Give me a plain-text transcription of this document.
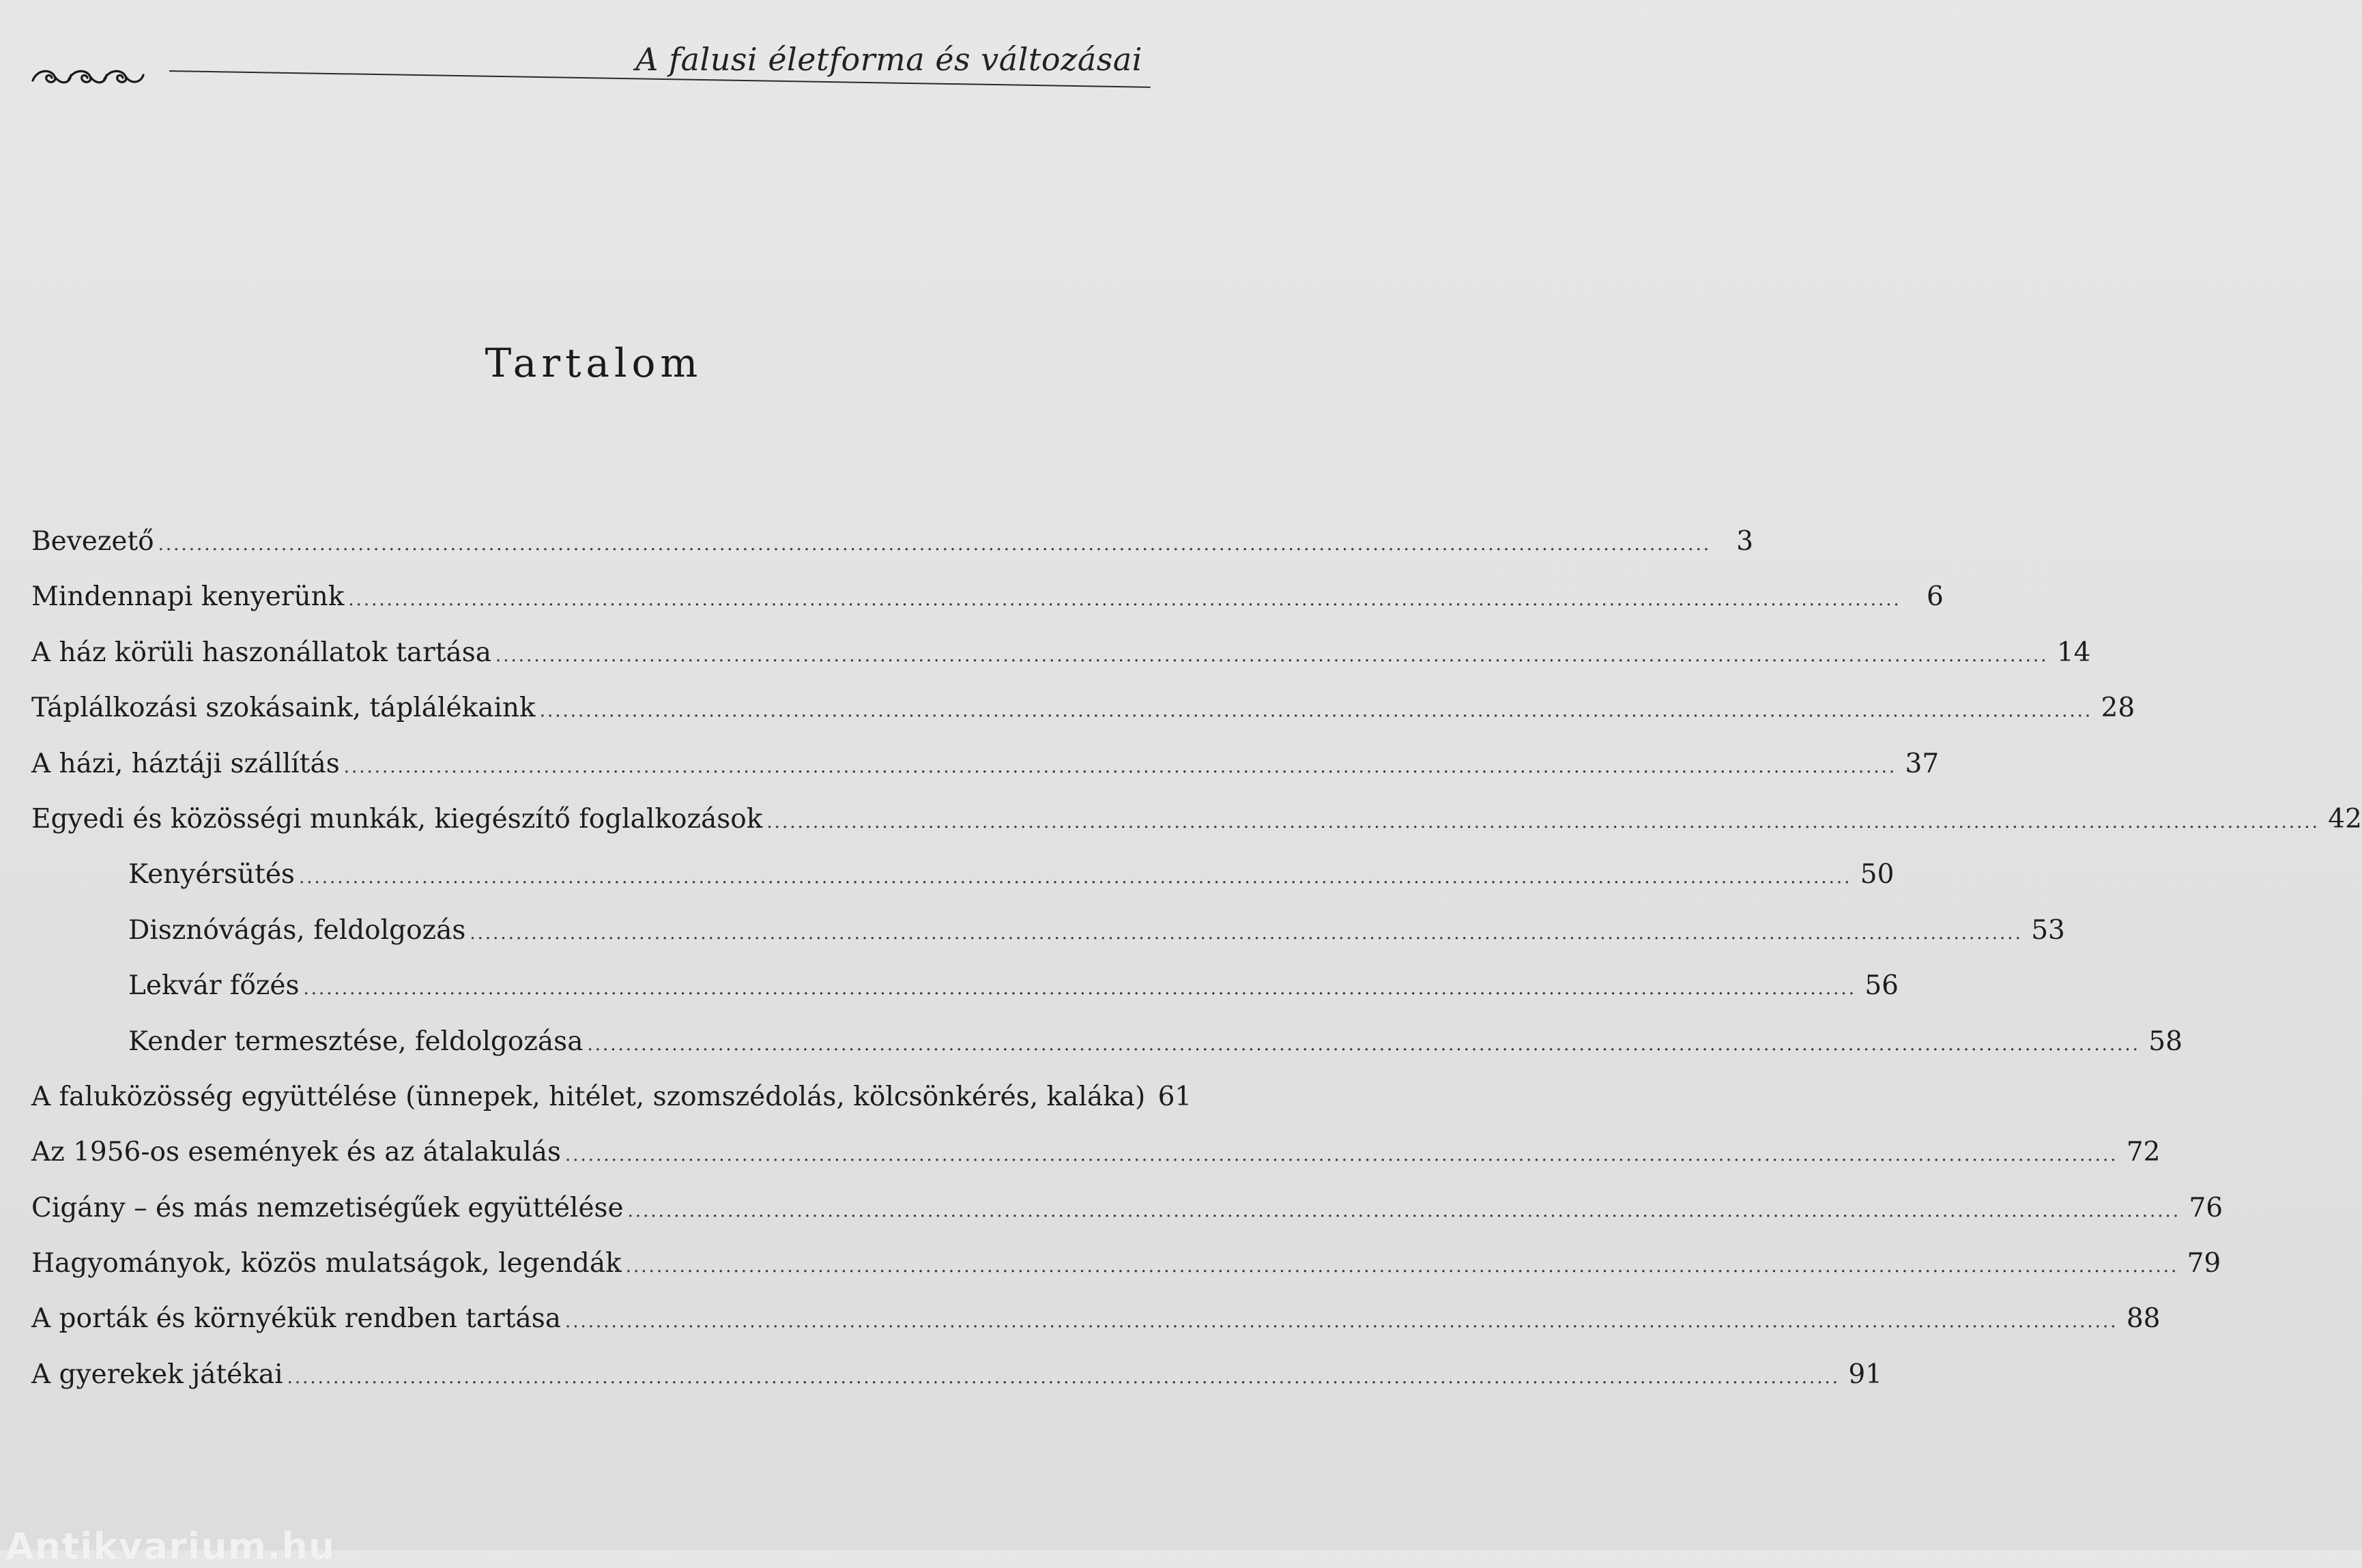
A falusi életforma és változásai
Tartalom
Bevezető .....	3
Mindennapi kenyerünk .....	6
A ház körüli haszonállatok tartása .....	14
Táplálkozási szokásaink, táplálékaink .....	28
A házi, háztáji szállítás .....	37
Egyedi és közösségi munkák, kiegészítő foglalkozások .....	42
Kenyérsütés .....	50
Disznóvágás, feldolgozás .....	53
Lekvár főzés .....	56
Kender termesztése, feldolgozása .....	58
A faluközösség együttélése (ünnepek, hitélet, szomszédolás, kölcsönkérés, kaláka) 61
Az 1956-os események és az átalakulás .....	72
Cigány – és más nemzetiségűek együttélése .....	76
Hagyományok, közös mulatságok, legendák .....	79
A porták és környékük rendben tartása .....	88
A gyerekek játékai .....	91
Antikvarium.hu
